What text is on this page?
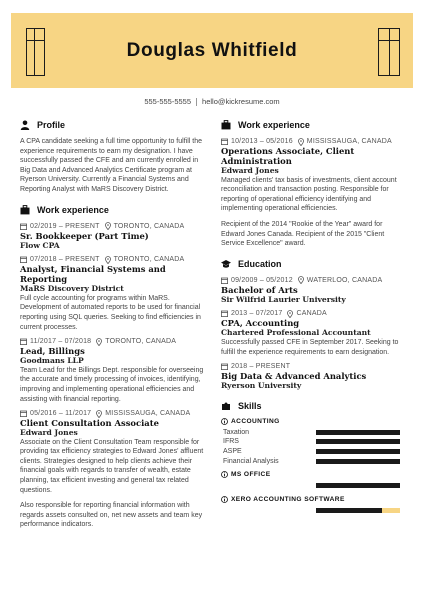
Douglas Whitfield
555-555-5555 hello@kickresume.com
Profile
A CPA candidate seeking a full time opportunity to fulfill the experience requirements to earn my designation. I have successfully passed the CFE and am currently enrolled in Big Data and Advanced Analytics Certificate program at Ryerson University. Currently a Financial Systems and Reporting Analyst with MaRS Discovery District.
Work experience
02/2019 – PRESENT TORONTO, CANADA
Sr. Bookkeeper (Part Time)
Flow CPA
07/2018 – PRESENT TORONTO, CANADA
Analyst, Financial Systems and Reporting
MaRS Discovery District
Full cycle accounting for programs within MaRS. Development of automated reports to be used for financial reporting using SQL queries. Seeking to find efficiencies in current processes.
11/2017 – 07/2018 TORONTO, CANADA
Lead, Billings
Goodmans LLP
Team Lead for the Billings Dept. responsible for overseeing the accurate and timely processing of invoices, identifying, improving and implementing operational efficiencies and assisting with financial reporting.
05/2016 – 11/2017 MISSISSAUGA, CANADA
Client Consultation Associate
Edward Jones
Associate on the Client Consultation Team responsible for providing tax efficiency strategies to Edward Jones' affluent clients. Strategies designed to help clients achieve their financial goals with regards to transfer of wealth, estate planning, tax efficient investing and general tax related questions.
Also responsible for reporting financial information with regards assets consulted on, net new assets and team key performance indicators.
Work experience
10/2013 – 05/2016 MISSISSAUGA, CANADA
Operations Associate, Client Administration
Edward Jones
Managed clients' tax basis of investments, client account reconciliation and transaction posting. Responsible for reporting of operational efficiency identifying and implementing operational efficiencies.
Recipient of the 2014 "Rookie of the Year" award for Edward Jones Canada. Recipient of the 2015 "Client Service Excellence" award.
Education
09/2009 – 05/2012 WATERLOO, CANADA
Bachelor of Arts
Sir Wilfrid Laurier University
2013 – 07/2017 CANADA
CPA, Accounting
Chartered Professional Accountant
Successfully passed CFE in September 2017. Seeking to fulfill the experience requirements to earn designation.
2018 – PRESENT
Big Data & Advanced Analytics
Ryerson University
Skills
ACCOUNTING
Taxation
IFRS
ASPE
Financial Analysis
MS OFFICE
XERO ACCOUNTING SOFTWARE
